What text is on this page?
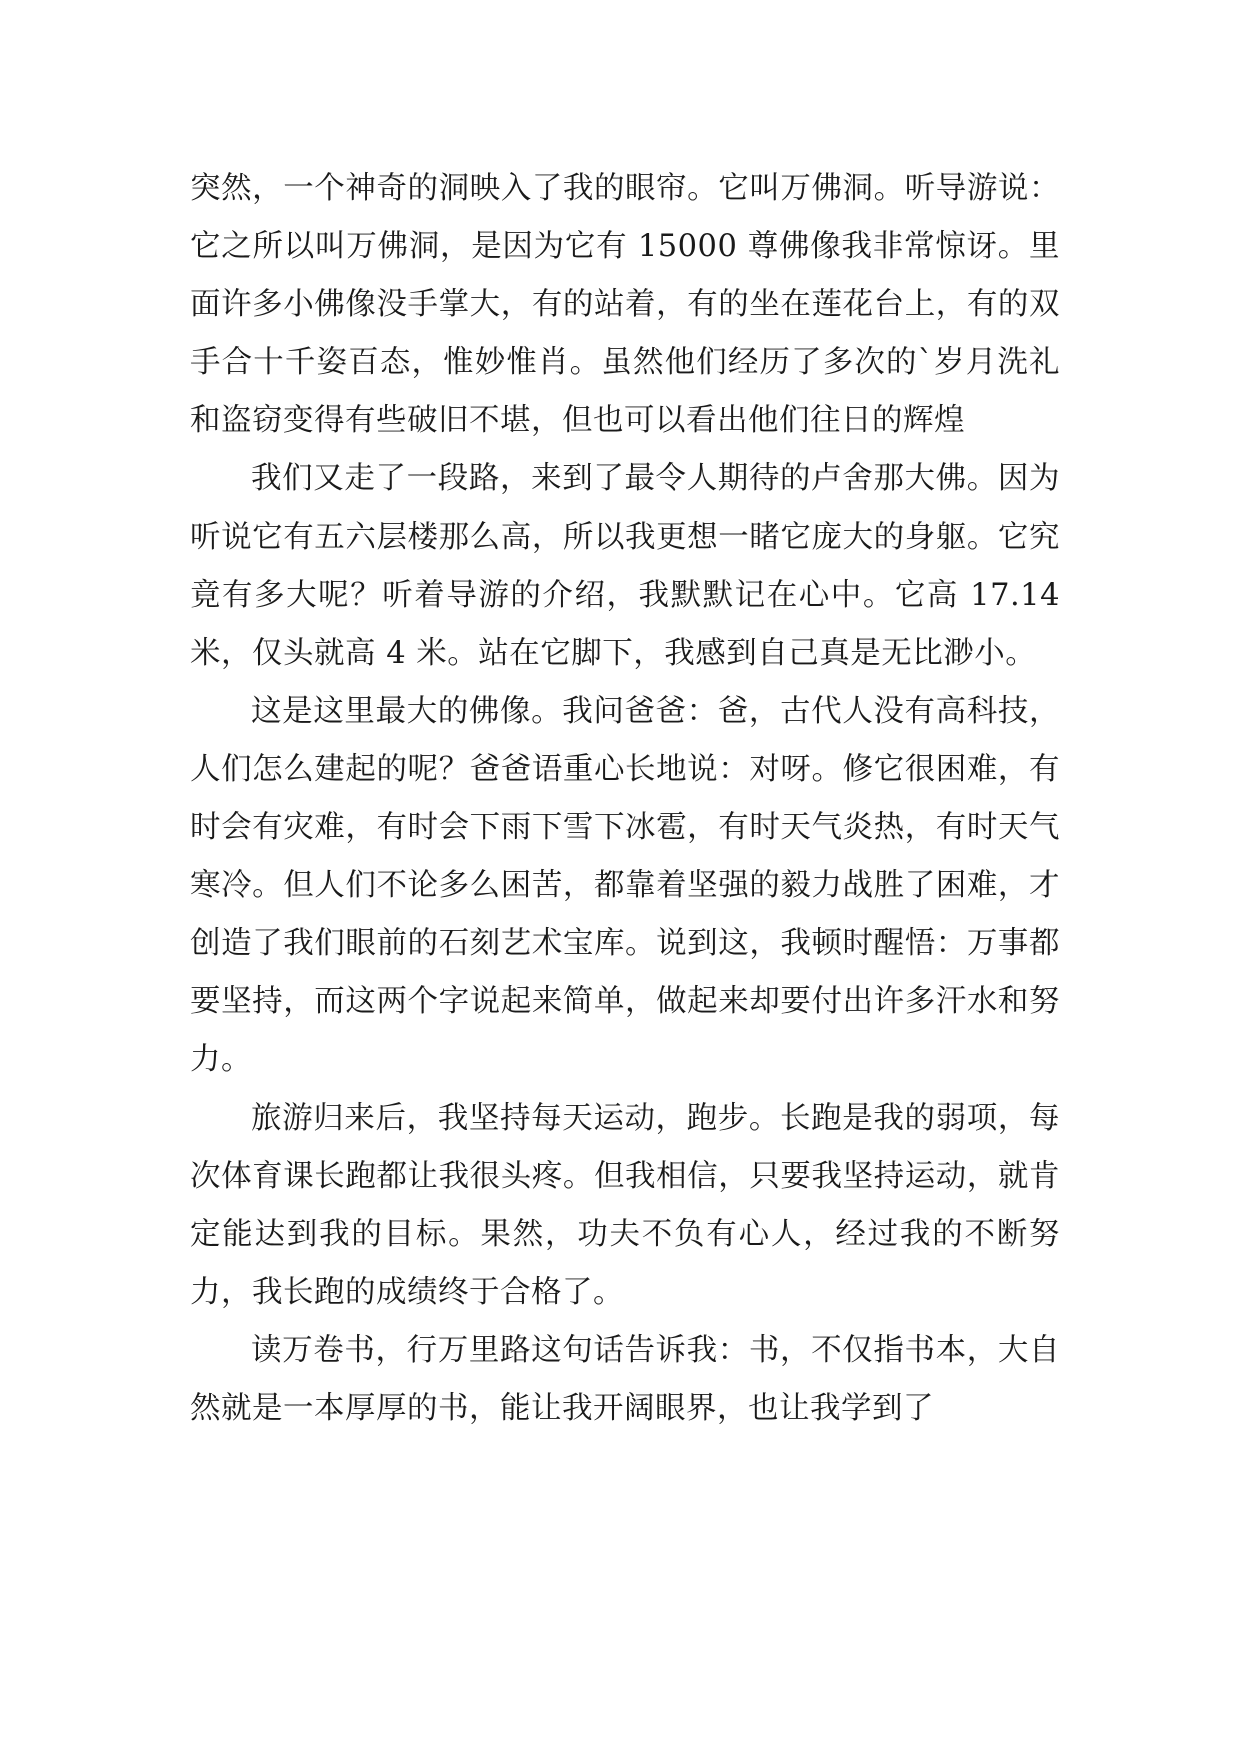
突然，一个神奇的洞映入了我的眼帘。它叫万佛洞。听导游说：它之所以叫万佛洞，是因为它有 15000 尊佛像我非常惊讶。里面许多小佛像没手掌大，有的站着，有的坐在莲花台上，有的双手合十千姿百态，惟妙惟肖。虽然他们经历了多次的`岁月洗礼和盗窃变得有些破旧不堪，但也可以看出他们往日的辉煌

我们又走了一段路，来到了最令人期待的卢舍那大佛。因为听说它有五六层楼那么高，所以我更想一睹它庞大的身躯。它究竟有多大呢？听着导游的介绍，我默默记在心中。它高 17.14 米，仅头就高 4 米。站在它脚下，我感到自己真是无比渺小。

这是这里最大的佛像。我问爸爸：爸，古代人没有高科技，人们怎么建起的呢？爸爸语重心长地说：对呀。修它很困难，有时会有灾难，有时会下雨下雪下冰雹，有时天气炎热，有时天气寒冷。但人们不论多么困苦，都靠着坚强的毅力战胜了困难，才创造了我们眼前的石刻艺术宝库。说到这，我顿时醒悟：万事都要坚持，而这两个字说起来简单，做起来却要付出许多汗水和努力。

旅游归来后，我坚持每天运动，跑步。长跑是我的弱项，每次体育课长跑都让我很头疼。但我相信，只要我坚持运动，就肯定能达到我的目标。果然，功夫不负有心人，经过我的不断努力，我长跑的成绩终于合格了。

读万卷书，行万里路这句话告诉我：书，不仅指书本，大自然就是一本厚厚的书，能让我开阔眼界，也让我学到了
